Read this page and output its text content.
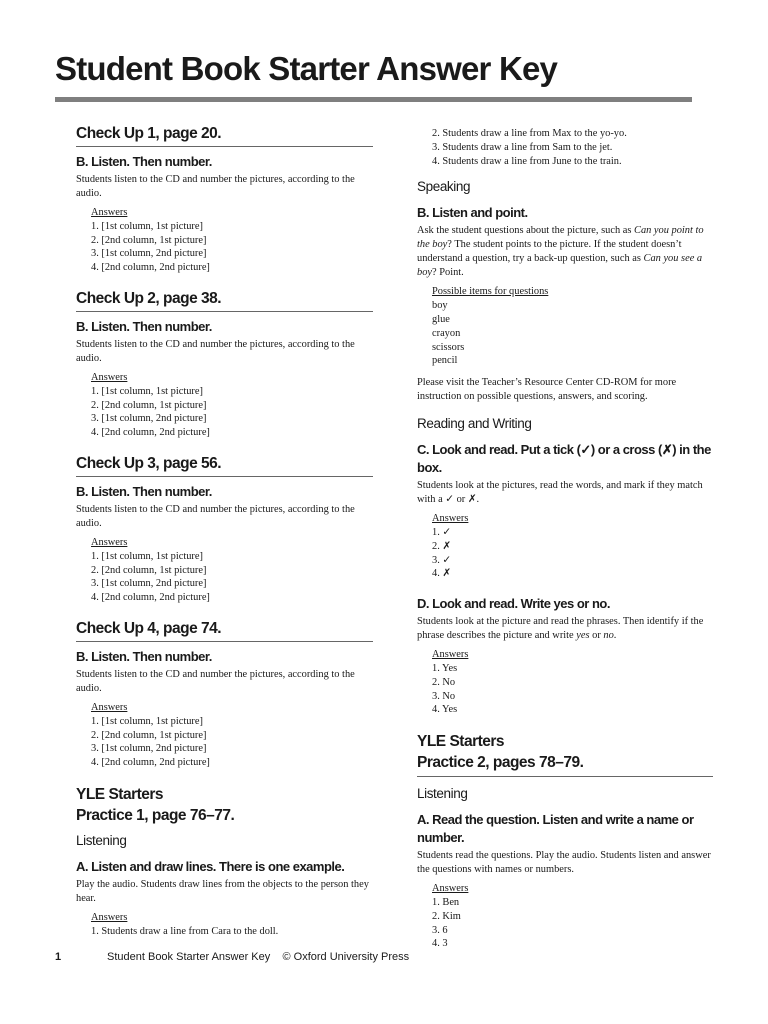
Student Book Starter Answer Key
Check Up 1, page 20.
B. Listen. Then number.

Students listen to the CD and number the pictures, according to the audio.

Answers
1. [1st column, 1st picture]
2. [2nd column, 1st picture]
3. [1st column, 2nd picture]
4. [2nd column, 2nd picture]
Check Up 2, page 38.
B. Listen. Then number.

Students listen to the CD and number the pictures, according to the audio.

Answers
1. [1st column, 1st picture]
2. [2nd column, 1st picture]
3. [1st column, 2nd picture]
4. [2nd column, 2nd picture]
Check Up 3, page 56.
B. Listen. Then number.

Students listen to the CD and number the pictures, according to the audio.

Answers
1. [1st column, 1st picture]
2. [2nd column, 1st picture]
3. [1st column, 2nd picture]
4. [2nd column, 2nd picture]
Check Up 4, page 74.
B. Listen. Then number.

Students listen to the CD and number the pictures, according to the audio.

Answers
1. [1st column, 1st picture]
2. [2nd column, 1st picture]
3. [1st column, 2nd picture]
4. [2nd column, 2nd picture]
YLE Starters
Practice 1, page 76–77.
Listening
A. Listen and draw lines. There is one example.

Play the audio. Students draw lines from the objects to the person they hear.

Answers
1. Students draw a line from Cara to the doll.
2. Students draw a line from Max to the yo-yo.
3. Students draw a line from Sam to the jet.
4. Students draw a line from June to the train.
Speaking
B. Listen and point.

Ask the student questions about the picture, such as Can you point to the boy? The student points to the picture. If the student doesn’t understand a question, try a back-up question, such as Can you see a boy? Point.

Possible items for questions
boy
glue
crayon
scissors
pencil

Please visit the Teacher’s Resource Center CD-ROM for more instruction on possible questions, answers, and scoring.

Reading and Writing
C. Look and read. Put a tick (✓) or a cross (✗) in the box.

Students look at the pictures, read the words, and mark if they match with a ✓ or ✗.

Answers
1. ✓
2. ✗
3. ✓
4. ✗
D. Look and read. Write yes or no.

Students look at the picture and read the phrases. Then identify if the phrase describes the picture and write yes or no.

Answers
1. Yes
2. No
3. No
4. Yes
YLE Starters
Practice 2, pages 78–79.
Listening
A. Read the question. Listen and write a name or number.

Students read the questions. Play the audio. Students listen and answer the questions with names or numbers.

Answers
1. Ben
2. Kim
3. 6
4. 3
1	Student Book Starter Answer Key    © Oxford University Press
